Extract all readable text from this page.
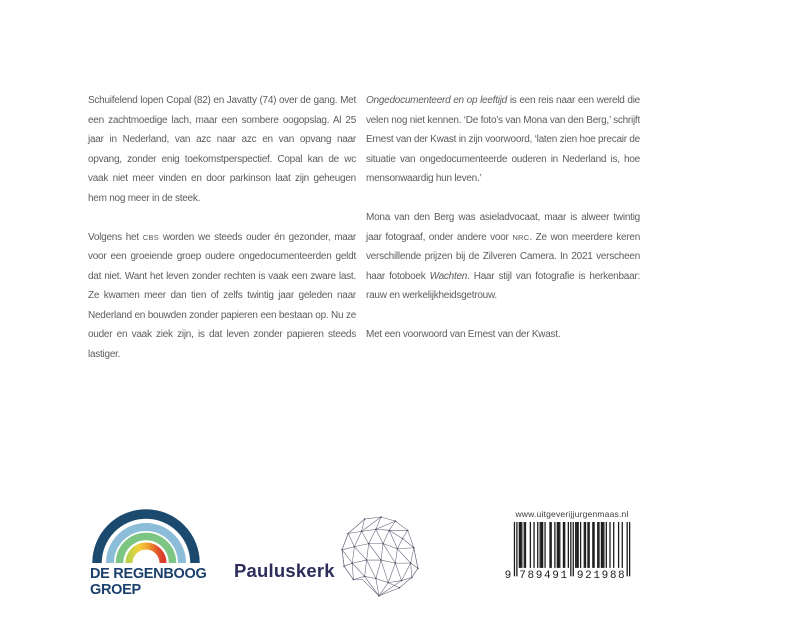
Schuifelend lopen Copal (82) en Javatty (74) over de gang. Met een zachtmoedige lach, maar een sombere oogopslag. Al 25 jaar in Nederland, van azc naar azc en van opvang naar opvang, zonder enig toekomstperspectief. Copal kan de wc vaak niet meer vinden en door parkinson laat zijn geheugen hem nog meer in de steek.

Volgens het CBS worden we steeds ouder én gezonder, maar voor een groeiende groep oudere ongedocumenteerden geldt dat niet. Want het leven zonder rechten is vaak een zware last. Ze kwamen meer dan tien of zelfs twintig jaar geleden naar Nederland en bouwden zonder papieren een bestaan op. Nu ze ouder en vaak ziek zijn, is dat leven zonder papieren steeds lastiger.

Ongedocumenteerd en op leeftijd is een reis naar een wereld die velen nog niet kennen. ‘De foto’s van Mona van den Berg,’ schrijft Ernest van der Kwast in zijn voorwoord, ‘laten zien hoe precair de situatie van ongedocumenteerde ouderen in Nederland is, hoe mensonwaardig hun leven.’

Mona van den Berg was asieladvocaat, maar is alweer twintig jaar fotograaf, onder andere voor NRC. Ze won meerdere keren verschillende prijzen bij de Zilveren Camera. In 2021 verscheen haar fotoboek Wachten. Haar stijl van fotografie is herkenbaar: rauw en werkelijkheidsgetrouw.

Met een voorwoord van Ernest van der Kwast.

DE REGENBOOG
GROEP
Pauluskerk
www.uitgeverijjurgenmaas.nl
9 789491 921988
